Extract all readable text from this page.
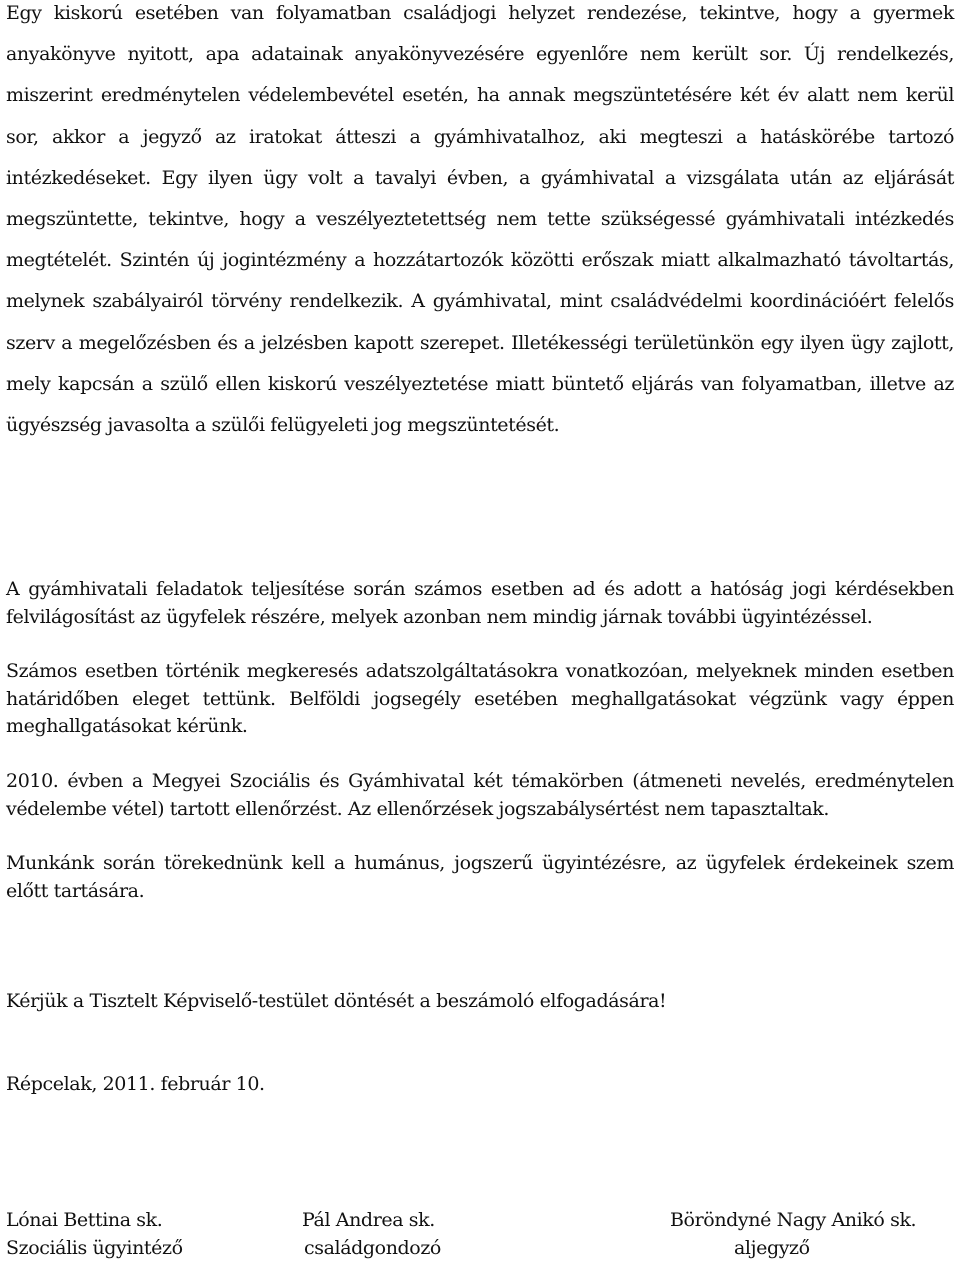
Egy kiskorú esetében van folyamatban családjogi helyzet rendezése, tekintve, hogy a gyermek anyakönyve nyitott, apa adatainak anyakönyvezésére egyenlőre nem került sor. Új rendelkezés, miszerint eredménytelen védelembevétel esetén, ha annak megszüntetésére két év alatt nem kerül sor, akkor a jegyző az iratokat átteszi a gyámhivatalhoz, aki megteszi a hatáskörébe tartozó intézkedéseket. Egy ilyen ügy volt a tavalyi évben, a gyámhivatal a vizsgálata után az eljárását megszüntette, tekintve, hogy a veszélyeztetettség nem tette szükségessé gyámhivatali intézkedés megtételét. Szintén új jogintézmény a hozzátartozók közötti erőszak miatt alkalmazható távoltartás, melynek szabályairól törvény rendelkezik. A gyámhivatal, mint családvédelmi koordinációért felelős szerv a megelőzésben és a jelzésben kapott szerepet. Illetékességi területünkön egy ilyen ügy zajlott, mely kapcsán a szülő ellen kiskorú veszélyeztetése miatt büntető eljárás van folyamatban, illetve az ügyészség javasolta a szülői felügyeleti jog megszüntetését.

A gyámhivatali feladatok teljesítése során számos esetben ad és adott a hatóság jogi kérdésekben felvilágosítást az ügyfelek részére, melyek azonban nem mindig járnak további ügyintézéssel.

Számos esetben történik megkeresés adatszolgáltatásokra vonatkozóan, melyeknek minden esetben határidőben eleget tettünk. Belföldi jogsegély esetében meghallgatásokat végzünk vagy éppen meghallgatásokat kérünk.

2010. évben a Megyei Szociális és Gyámhivatal két témakörben (átmeneti nevelés, eredménytelen védelembe vétel) tartott ellenőrzést. Az ellenőrzések jogszabálysértést nem tapasztaltak.

Munkánk során törekednünk kell a humánus, jogszerű ügyintézésre, az ügyfelek érdekeinek szem előtt tartására.

Kérjük a Tisztelt Képviselő-testület döntését a beszámoló elfogadására!

Répcelak, 2011. február 10.

Lónai Bettina sk.
Szociális ügyintéző
Pál Andrea sk.
családgondozó
Böröndyné Nagy Anikó sk.
aljegyző
